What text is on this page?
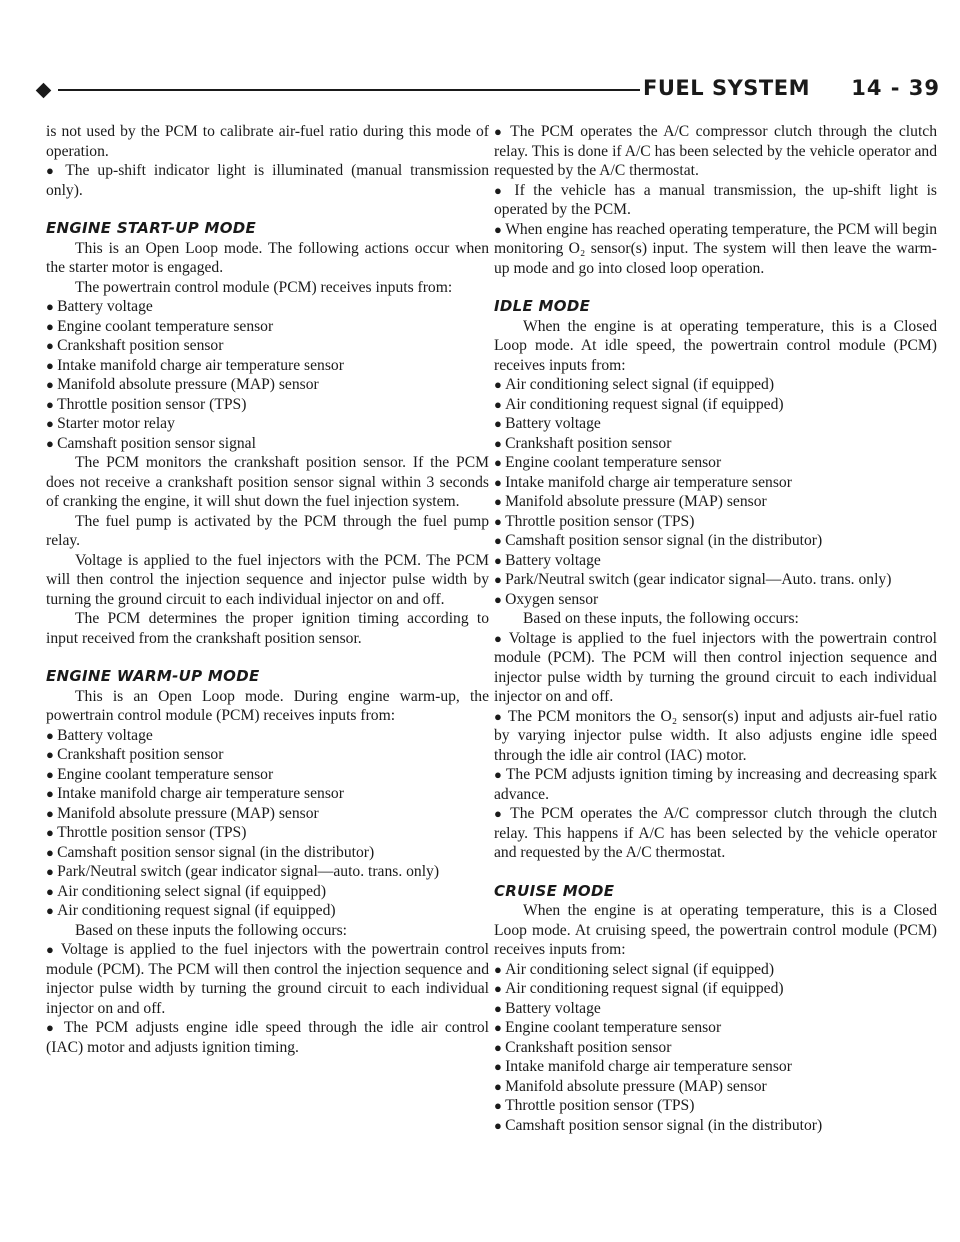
FUEL SYSTEM 14 - 39

is not used by the PCM to calibrate air-fuel ratio during this mode of operation.

● The up-shift indicator light is illuminated (manual transmission only).

ENGINE START-UP MODE

This is an Open Loop mode. The following actions occur when the starter motor is engaged.

The powertrain control module (PCM) receives inputs from:

● Battery voltage

● Engine coolant temperature sensor

● Crankshaft position sensor

● Intake manifold charge air temperature sensor

● Manifold absolute pressure (MAP) sensor

● Throttle position sensor (TPS)

● Starter motor relay

● Camshaft position sensor signal

The PCM monitors the crankshaft position sensor. If the PCM does not receive a crankshaft position sensor signal within 3 seconds of cranking the engine, it will shut down the fuel injection system.

The fuel pump is activated by the PCM through the fuel pump relay.

Voltage is applied to the fuel injectors with the PCM. The PCM will then control the injection sequence and injector pulse width by turning the ground circuit to each individual injector on and off.

The PCM determines the proper ignition timing according to input received from the crankshaft position sensor.

ENGINE WARM-UP MODE

This is an Open Loop mode. During engine warm-up, the powertrain control module (PCM) receives inputs from:

● Battery voltage

● Crankshaft position sensor

● Engine coolant temperature sensor

● Intake manifold charge air temperature sensor

● Manifold absolute pressure (MAP) sensor

● Throttle position sensor (TPS)

● Camshaft position sensor signal (in the distributor)

● Park/Neutral switch (gear indicator signal—auto. trans. only)

● Air conditioning select signal (if equipped)

● Air conditioning request signal (if equipped)

Based on these inputs the following occurs:

● Voltage is applied to the fuel injectors with the powertrain control module (PCM). The PCM will then control the injection sequence and injector pulse width by turning the ground circuit to each individual injector on and off.

● The PCM adjusts engine idle speed through the idle air control (IAC) motor and adjusts ignition timing.

● The PCM operates the A/C compressor clutch through the clutch relay. This is done if A/C has been selected by the vehicle operator and requested by the A/C thermostat.

● If the vehicle has a manual transmission, the up-shift light is operated by the PCM.

● When engine has reached operating temperature, the PCM will begin monitoring O₂ sensor(s) input. The system will then leave the warm-up mode and go into closed loop operation.

IDLE MODE

When the engine is at operating temperature, this is a Closed Loop mode. At idle speed, the powertrain control module (PCM) receives inputs from:

● Air conditioning select signal (if equipped)

● Air conditioning request signal (if equipped)

● Battery voltage

● Crankshaft position sensor

● Engine coolant temperature sensor

● Intake manifold charge air temperature sensor

● Manifold absolute pressure (MAP) sensor

● Throttle position sensor (TPS)

● Camshaft position sensor signal (in the distributor)

● Battery voltage

● Park/Neutral switch (gear indicator signal—Auto. trans. only)

● Oxygen sensor

Based on these inputs, the following occurs:

● Voltage is applied to the fuel injectors with the powertrain control module (PCM). The PCM will then control injection sequence and injector pulse width by turning the ground circuit to each individual injector on and off.

● The PCM monitors the O₂ sensor(s) input and adjusts air-fuel ratio by varying injector pulse width. It also adjusts engine idle speed through the idle air control (IAC) motor.

● The PCM adjusts ignition timing by increasing and decreasing spark advance.

● The PCM operates the A/C compressor clutch through the clutch relay. This happens if A/C has been selected by the vehicle operator and requested by the A/C thermostat.

CRUISE MODE

When the engine is at operating temperature, this is a Closed Loop mode. At cruising speed, the powertrain control module (PCM) receives inputs from:

● Air conditioning select signal (if equipped)

● Air conditioning request signal (if equipped)

● Battery voltage

● Engine coolant temperature sensor

● Crankshaft position sensor

● Intake manifold charge air temperature sensor

● Manifold absolute pressure (MAP) sensor

● Throttle position sensor (TPS)

● Camshaft position sensor signal (in the distributor)
